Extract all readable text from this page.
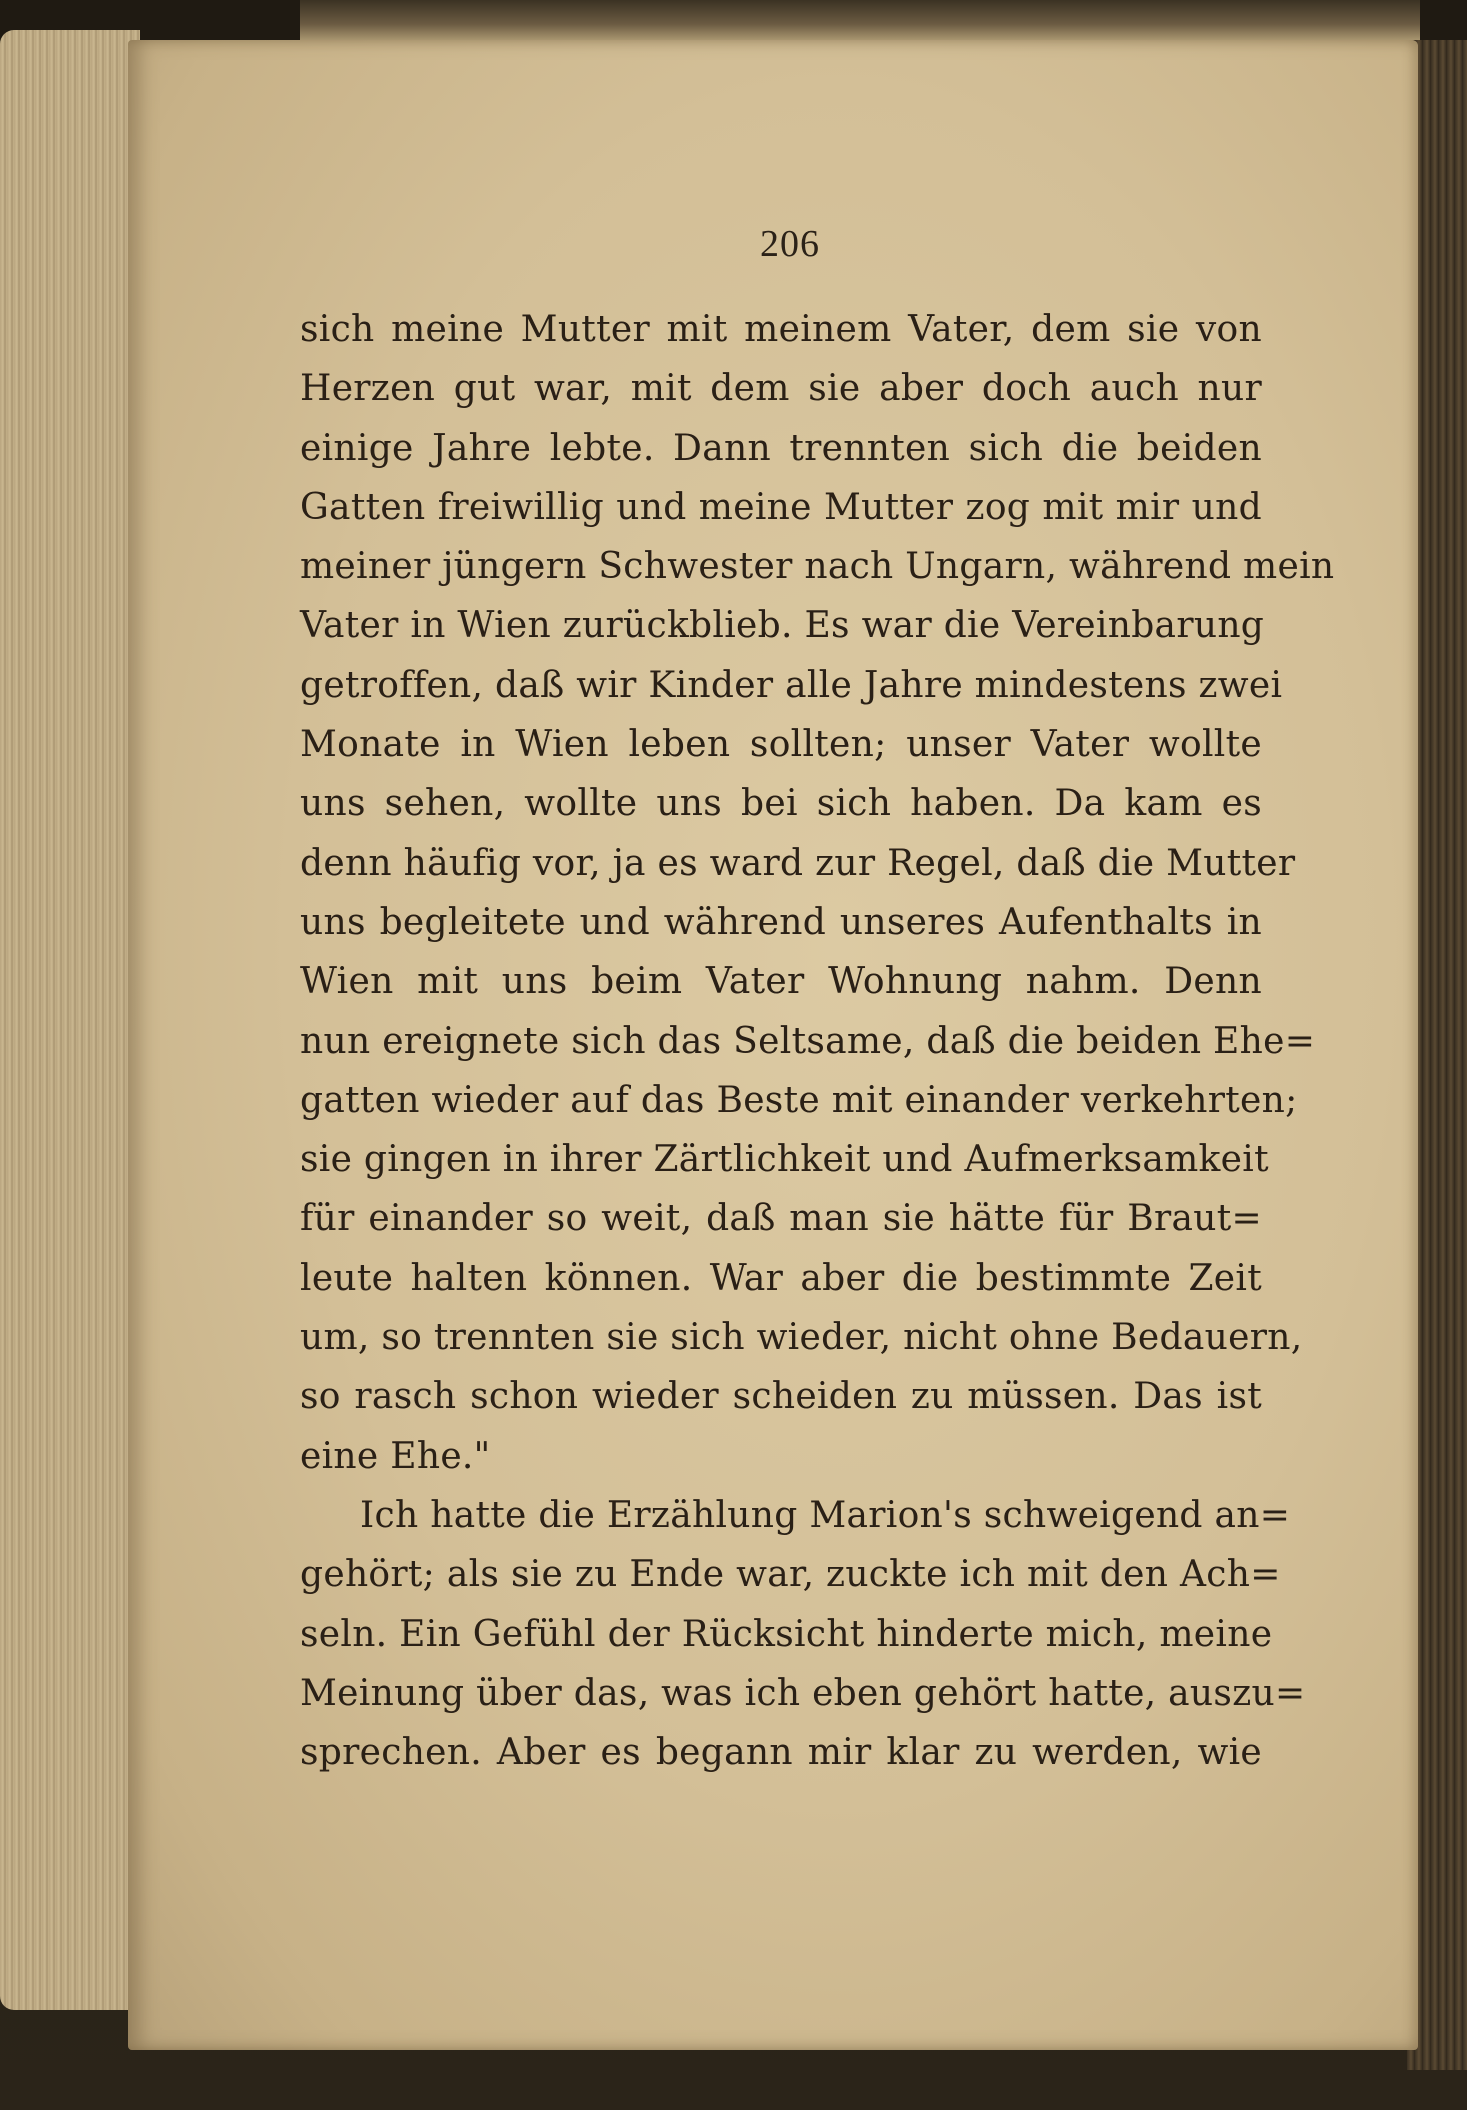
206
sich meine Mutter mit meinem Vater, dem sie von
Herzen gut war, mit dem sie aber doch auch nur
einige Jahre lebte. Dann trennten sich die beiden
Gatten freiwillig und meine Mutter zog mit mir und
meiner jüngern Schwester nach Ungarn, während mein
Vater in Wien zurückblieb. Es war die Vereinbarung
getroffen, daß wir Kinder alle Jahre mindestens zwei
Monate in Wien leben sollten; unser Vater wollte
uns sehen, wollte uns bei sich haben. Da kam es
denn häufig vor, ja es ward zur Regel, daß die Mutter
uns begleitete und während unseres Aufenthalts in
Wien mit uns beim Vater Wohnung nahm. Denn
nun ereignete sich das Seltsame, daß die beiden Ehe=
gatten wieder auf das Beste mit einander verkehrten;
sie gingen in ihrer Zärtlichkeit und Aufmerksamkeit
für einander so weit, daß man sie hätte für Braut=
leute halten können. War aber die bestimmte Zeit
um, so trennten sie sich wieder, nicht ohne Bedauern,
so rasch schon wieder scheiden zu müssen. Das ist
eine Ehe."
Ich hatte die Erzählung Marion's schweigend an=
gehört; als sie zu Ende war, zuckte ich mit den Ach=
seln. Ein Gefühl der Rücksicht hinderte mich, meine
Meinung über das, was ich eben gehört hatte, auszu=
sprechen. Aber es begann mir klar zu werden, wie
